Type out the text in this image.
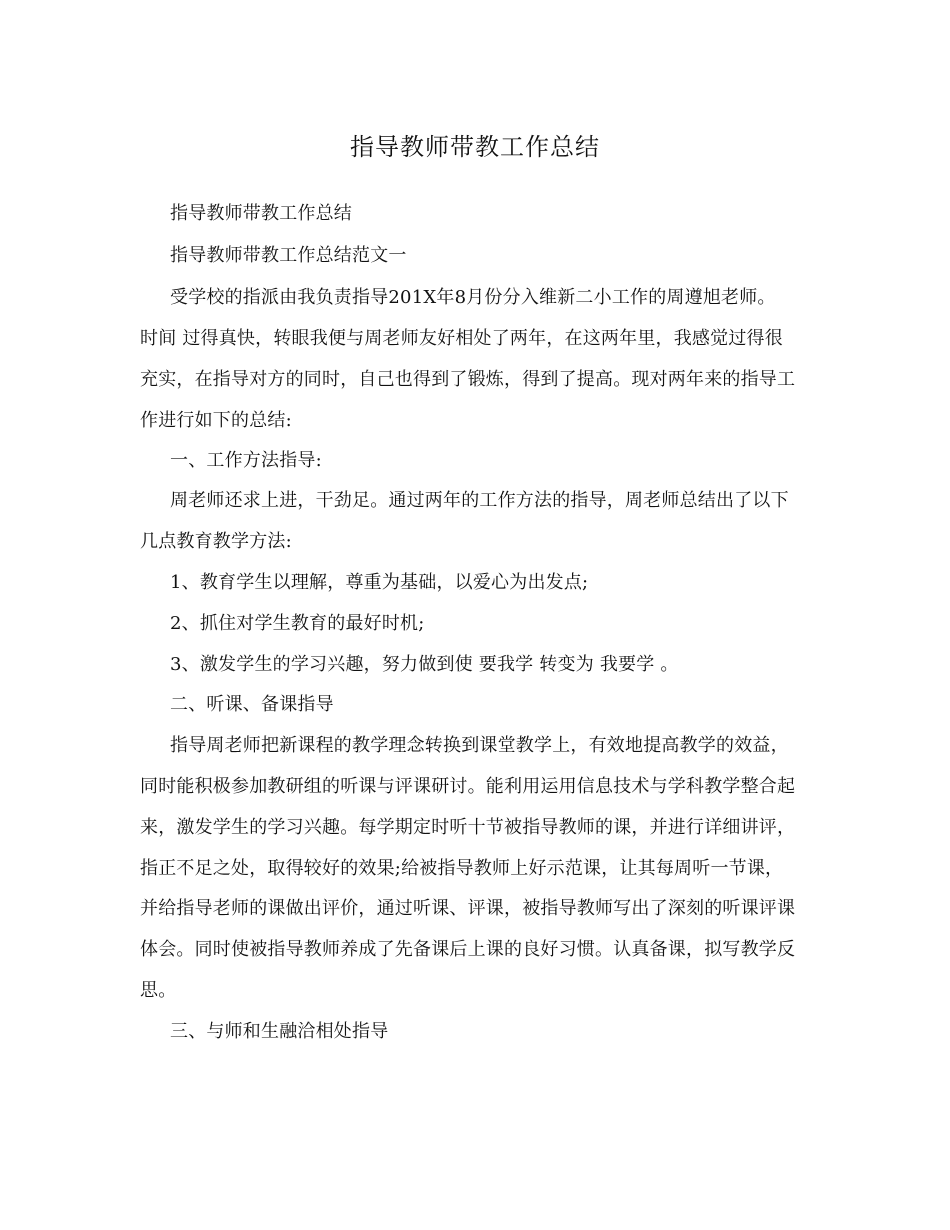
指导教师带教工作总结
指导教师带教工作总结
指导教师带教工作总结范文一
受学校的指派由我负责指导201X年8月份分入维新二小工作的周遵旭老师。
时间 过得真快，转眼我便与周老师友好相处了两年，在这两年里，我感觉过得很
充实，在指导对方的同时，自己也得到了锻炼，得到了提高。现对两年来的指导工
作进行如下的总结:
一、工作方法指导:
周老师还求上进，干劲足。通过两年的工作方法的指导，周老师总结出了以下
几点教育教学方法:
1、教育学生以理解，尊重为基础，以爱心为出发点;
2、抓住对学生教育的最好时机;
3、激发学生的学习兴趣，努力做到使 要我学 转变为 我要学 。
二、听课、备课指导
指导周老师把新课程的教学理念转换到课堂教学上，有效地提高教学的效益，
同时能积极参加教研组的听课与评课研讨。能利用运用信息技术与学科教学整合起
来，激发学生的学习兴趣。每学期定时听十节被指导教师的课，并进行详细讲评，
指正不足之处，取得较好的效果;给被指导教师上好示范课，让其每周听一节课，
并给指导老师的课做出评价，通过听课、评课，被指导教师写出了深刻的听课评课
体会。同时使被指导教师养成了先备课后上课的良好习惯。认真备课，拟写教学反
思。
三、与师和生融洽相处指导
